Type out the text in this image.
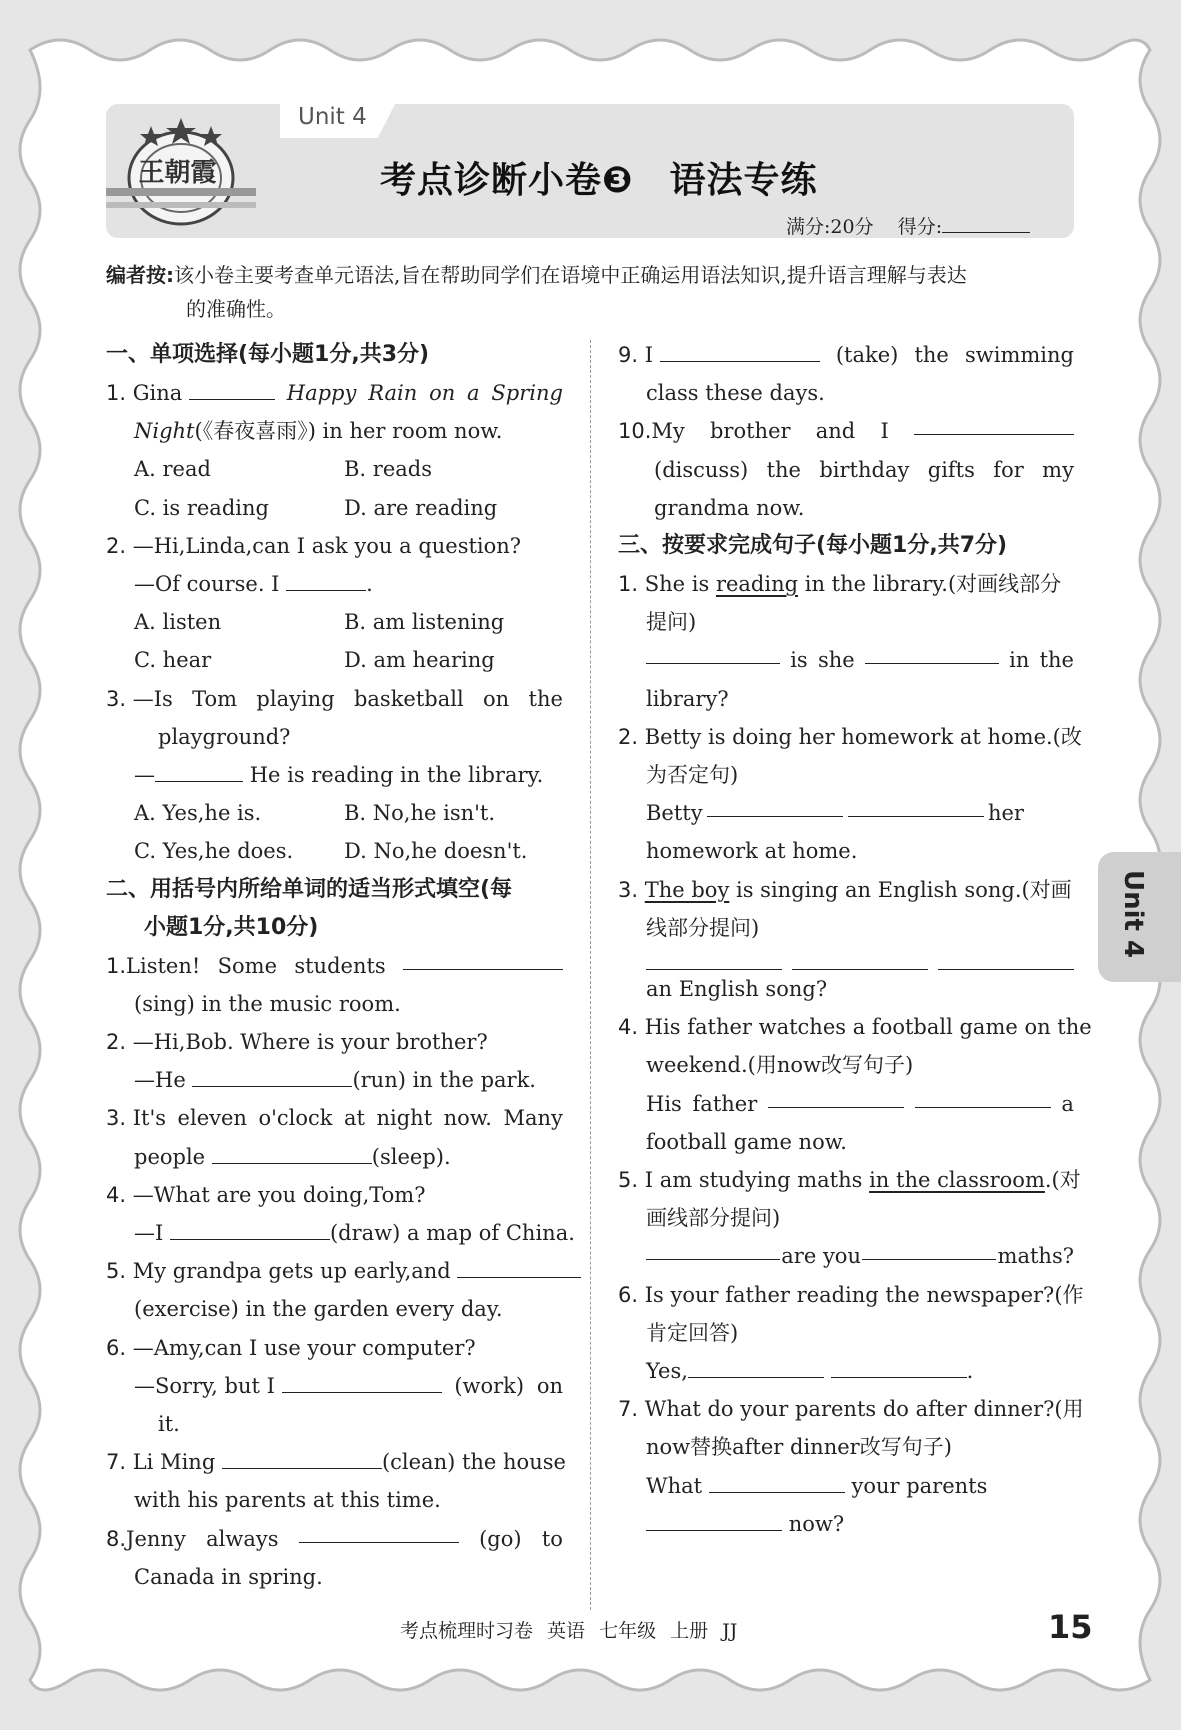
Unit 4
王朝霞	考点诊断小卷❸ 语法专练
满分:20分 得分:
编者按:该小卷主要考查单元语法,旨在帮助同学们在语境中正确运用语法知识,提升语言理解与表达
的准确性。
一、单项选择(每小题1分,共3分)
1. Gina	Happy Rain on a Spring
Night(《春夜喜雨》) in her room now.
A. read	B. reads
C. is reading	D. are reading
2. —Hi,Linda,can I ask you a question?
—Of course. I	.
A. listen	B. am listening
C. hear	D. am hearing
3. —Is Tom playing basketball on the
playground?
—	He is reading in the library.
A. Yes,he is.	B. No,he isn't.
C. Yes,he does.	D. No,he doesn't.
二、用括号内所给单词的适当形式填空(每
小题1分,共10分)
1.Listen! Some students
(sing) in the music room.
2. —Hi,Bob. Where is your brother?
—He	(run) in the park.
3. It's eleven o'clock at night now. Many
people	(sleep).
4. —What are you doing,Tom?
—I	(draw) a map of China.
5. My grandpa gets up early,and
(exercise) in the garden every day.
6. —Amy,can I use your computer?
—Sorry, but I	(work) on
it.
7. Li Ming	(clean) the house
with his parents at this time.
8.Jenny always	(go) to
Canada in spring.
9. I	(take) the swimming
class these days.
10.My brother and I
(discuss) the birthday gifts for my
grandma now.
三、按要求完成句子(每小题1分,共7分)
1. She is reading in the library.(对画线部分
提问)
is she	in the
library?
2. Betty is doing her homework at home.(改
为否定句)
Betty	her
homework at home.
3. The boy is singing an English song.(对画
线部分提问)
an English song?
4. His father watches a football game on the
weekend.(用now改写句子)
His father	a
football game now.
5. I am studying maths in the classroom.(对
画线部分提问)
are you	maths?
6. Is your father reading the newspaper?(作
肯定回答)
Yes,	.
7. What do your parents do after dinner?(用
now替换after dinner改写句子)
What	your parents
now?
Unit 4
考点梳理时习卷 英语 七年级 上册 JJ	15
